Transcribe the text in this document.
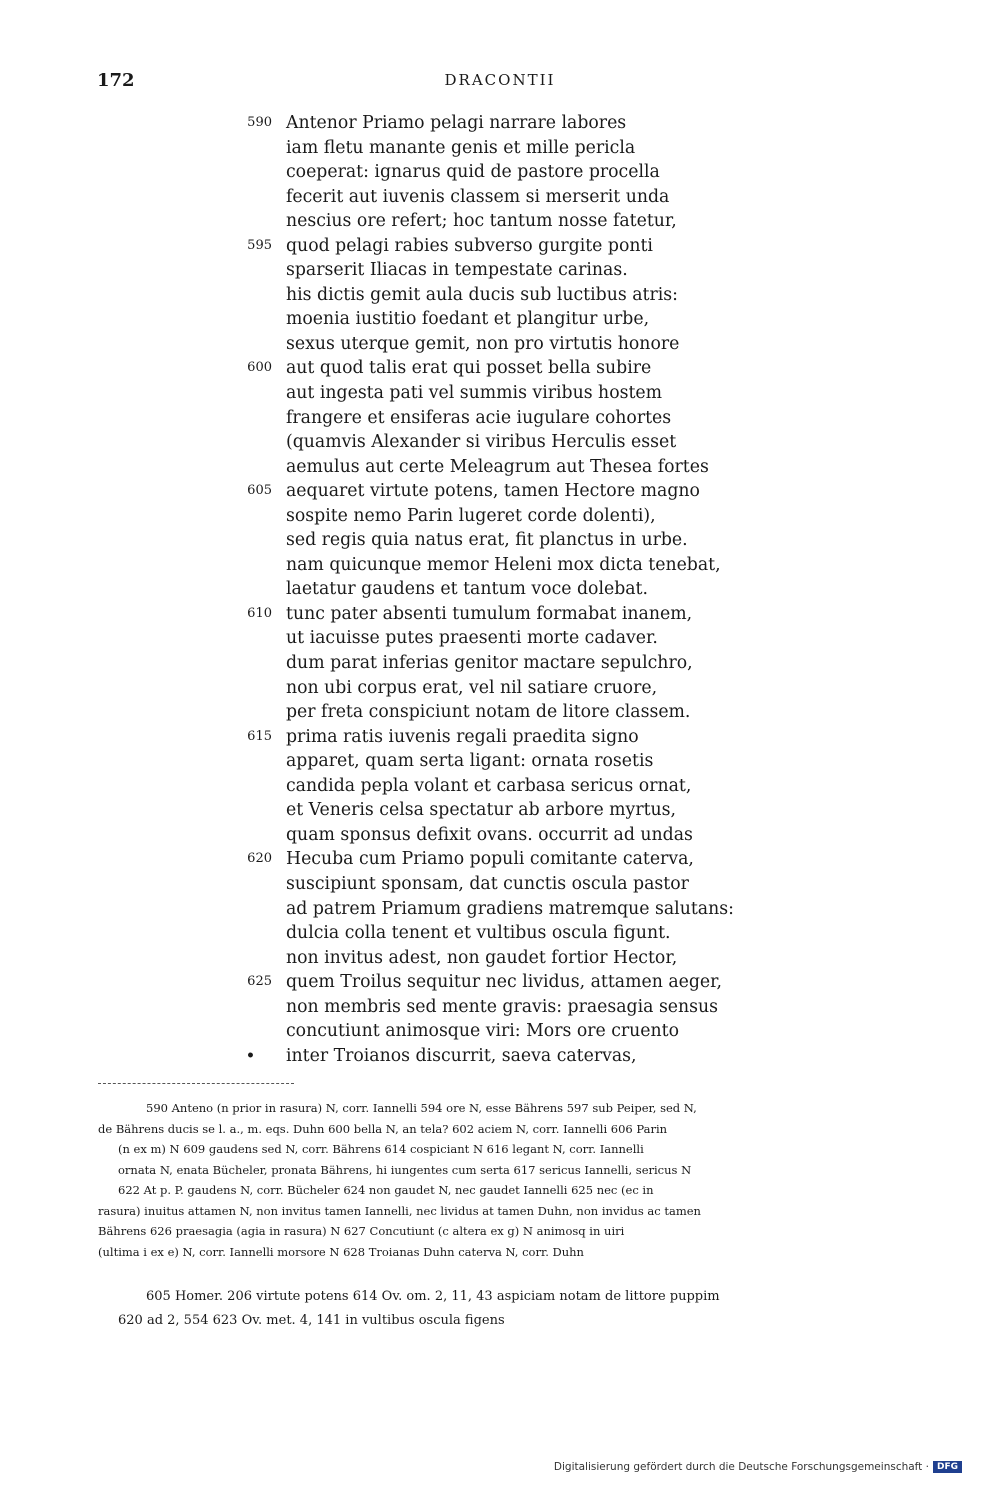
172	DRACONTII
590 Antenor Priamo pelagi narrare labores
iam fletu manante genis et mille pericla
coeperat: ignarus quid de pastore procella
fecerit aut iuvenis classem si merserit unda
nescius ore refert; hoc tantum nosse fatetur,
595 quod pelagi rabies subverso gurgite ponti
sparserit Iliacas in tempestate carinas.
his dictis gemit aula ducis sub luctibus atris:
moenia iustitio foedant et plangitur urbe,
sexus uterque gemit, non pro virtutis honore
600 aut quod talis erat qui posset bella subire
aut ingesta pati vel summis viribus hostem
frangere et ensiferas acie iugulare cohortes
(quamvis Alexander si viribus Herculis esset
aemulus aut certe Meleagrum aut Thesea fortes
605 aequaret virtute potens, tamen Hectore magno
sospite nemo Parin lugeret corde dolenti),
sed regis quia natus erat, fit planctus in urbe.
nam quicunque memor Heleni mox dicta tenebat,
laetatur gaudens et tantum voce dolebat.
610 tunc pater absenti tumulum formabat inanem,
ut iacuisse putes praesenti morte cadaver.
dum parat inferias genitor mactare sepulchro,
non ubi corpus erat, vel nil satiare cruore,
per freta conspiciunt notam de litore classem.
615 prima ratis iuvenis regali praedita signo
apparet, quam serta ligant: ornata rosetis
candida pepla volant et carbasa sericus ornat,
et Veneris celsa spectatur ab arbore myrtus,
quam sponsus defixit ovans. occurrit ad undas
620 Hecuba cum Priamo populi comitante caterva,
suscipiunt sponsam, dat cunctis oscula pastor
ad patrem Priamum gradiens matremque salutans:
dulcia colla tenent et vultibus oscula figunt.
non invitus adest, non gaudet fortior Hector,
625 quem Troilus sequitur nec lividus, attamen aeger,
non membris sed mente gravis: praesagia sensus
concutiunt animosque viri: Mors ore cruento
• inter Troianos discurrit, saeva catervas,
590 Anteno (n prior in rasura) N, corr. Iannelli 594 ore N, esse Bährens 597 sub Peiper, sed N,
de Bährens ducis se l. a., m. eqs. Duhn 600 bella N, an tela? 602 aciem N, corr. Iannelli 606 Parin
(n ex m) N 609 gaudens sed N, corr. Bährens 614 cospiciant N 616 legant N, corr. Iannelli
ornata N, enata Bücheler, pronata Bährens, hi iungentes cum serta 617 sericus Iannelli, sericus N
622 At p. P. gaudens N, corr. Bücheler 624 non gaudet N, nec gaudet Iannelli 625 nec (ec in
rasura) inuitus attamen N, non invitus tamen Iannelli, nec lividus at tamen Duhn, non invidus ac tamen
Bährens 626 praesagia (agia in rasura) N 627 Concutiunt (c altera ex g) N animosq in uiri
(ultima i ex e) N, corr. Iannelli morsore N 628 Troianas Duhn caterva N, corr. Duhn
605 Homer. 206 virtute potens 614 Ov. om. 2, 11, 43 aspiciam notam de littore puppim
620 ad 2, 554 623 Ov. met. 4, 141 in vultibus oscula figens
Digitalisierung gefördert durch die Deutsche Forschungsgemeinschaft · DFG
